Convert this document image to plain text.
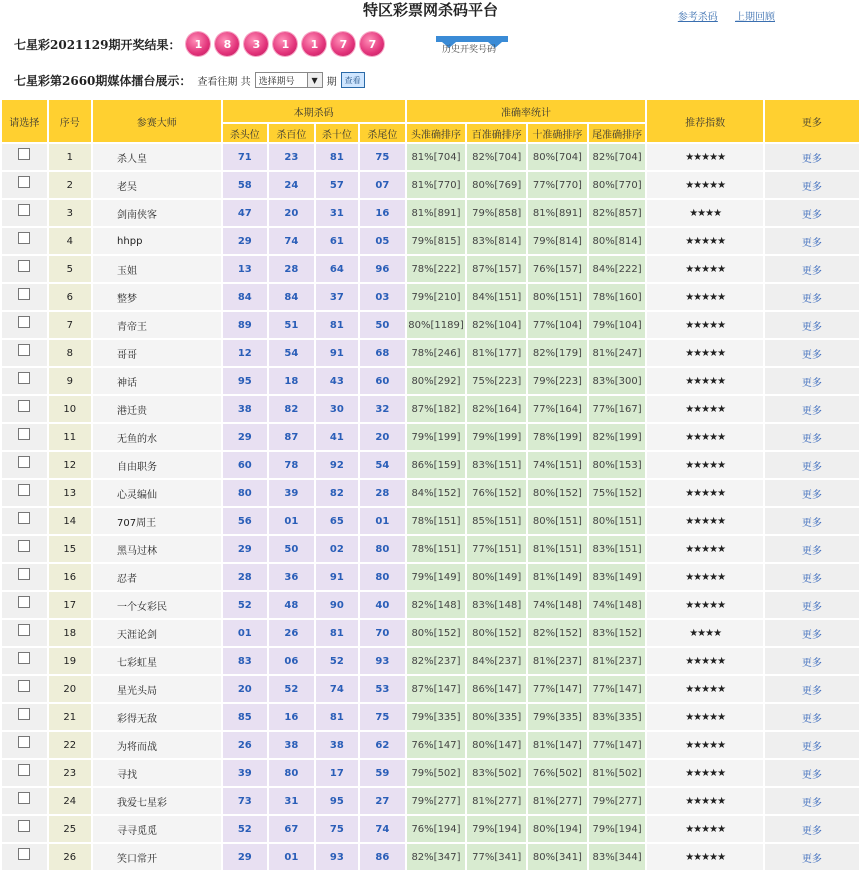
特区彩票网杀码平台	参考杀码 上期回顾
七星彩2021129期开奖结果：	1	8	3	1	1	7	7	历史开奖号码
七星彩第2660期媒体擂台展示： 查看往期 共 选择期号	▼ 期	查看
请选择	序号	参赛大师	本期杀码				准确率统计				推荐指数	更多
			杀头位	杀百位	杀十位	杀尾位	头准确排序	百准确排序	十准确排序	尾准确排序		
	1	杀人皇	71	23	81	75	81%[704]	82%[704]	80%[704]	82%[704]	★★★★★	更多
	2	老吴	58	24	57	07	81%[770]	80%[769]	77%[770]	80%[770]	★★★★★	更多
	3	剑南侠客	47	20	31	16	81%[891]	79%[858]	81%[891]	82%[857]	★★★★	更多
	4	hhpp	29	74	61	05	79%[815]	83%[814]	79%[814]	80%[814]	★★★★★	更多
	5	玉姐	13	28	64	96	78%[222]	87%[157]	76%[157]	84%[222]	★★★★★	更多
	6	整梦	84	84	37	03	79%[210]	84%[151]	80%[151]	78%[160]	★★★★★	更多
	7	青帝王	89	51	81	50	80%[1189]	82%[104]	77%[104]	79%[104]	★★★★★	更多
	8	哥哥	12	54	91	68	78%[246]	81%[177]	82%[179]	81%[247]	★★★★★	更多
	9	神话	95	18	43	60	80%[292]	75%[223]	79%[223]	83%[300]	★★★★★	更多
	10	港迁贵	38	82	30	32	87%[182]	82%[164]	77%[164]	77%[167]	★★★★★	更多
	11	无鱼的水	29	87	41	20	79%[199]	79%[199]	78%[199]	82%[199]	★★★★★	更多
	12	自由职务	60	78	92	54	86%[159]	83%[151]	74%[151]	80%[153]	★★★★★	更多
	13	心灵编仙	80	39	82	28	84%[152]	76%[152]	80%[152]	75%[152]	★★★★★	更多
	14	707周王	56	01	65	01	78%[151]	85%[151]	80%[151]	80%[151]	★★★★★	更多
	15	黑马过林	29	50	02	80	78%[151]	77%[151]	81%[151]	83%[151]	★★★★★	更多
	16	忍者	28	36	91	80	79%[149]	80%[149]	81%[149]	83%[149]	★★★★★	更多
	17	一个女彩民	52	48	90	40	82%[148]	83%[148]	74%[148]	74%[148]	★★★★★	更多
	18	天涯论剑	01	26	81	70	80%[152]	80%[152]	82%[152]	83%[152]	★★★★	更多
	19	七彩虹星	83	06	52	93	82%[237]	84%[237]	81%[237]	81%[237]	★★★★★	更多
	20	星光头局	20	52	74	53	87%[147]	86%[147]	77%[147]	77%[147]	★★★★★	更多
	21	彩得无敌	85	16	81	75	79%[335]	80%[335]	79%[335]	83%[335]	★★★★★	更多
	22	为将而战	26	38	38	62	76%[147]	80%[147]	81%[147]	77%[147]	★★★★★	更多
	23	寻找	39	80	17	59	79%[502]	83%[502]	76%[502]	81%[502]	★★★★★	更多
	24	我爱七星彩	73	31	95	27	79%[277]	81%[277]	81%[277]	79%[277]	★★★★★	更多
	25	寻寻觅觅	52	67	75	74	76%[194]	79%[194]	80%[194]	79%[194]	★★★★★	更多
	26	笑口常开	29	01	93	86	82%[347]	77%[341]	80%[341]	83%[344]	★★★★★	更多
